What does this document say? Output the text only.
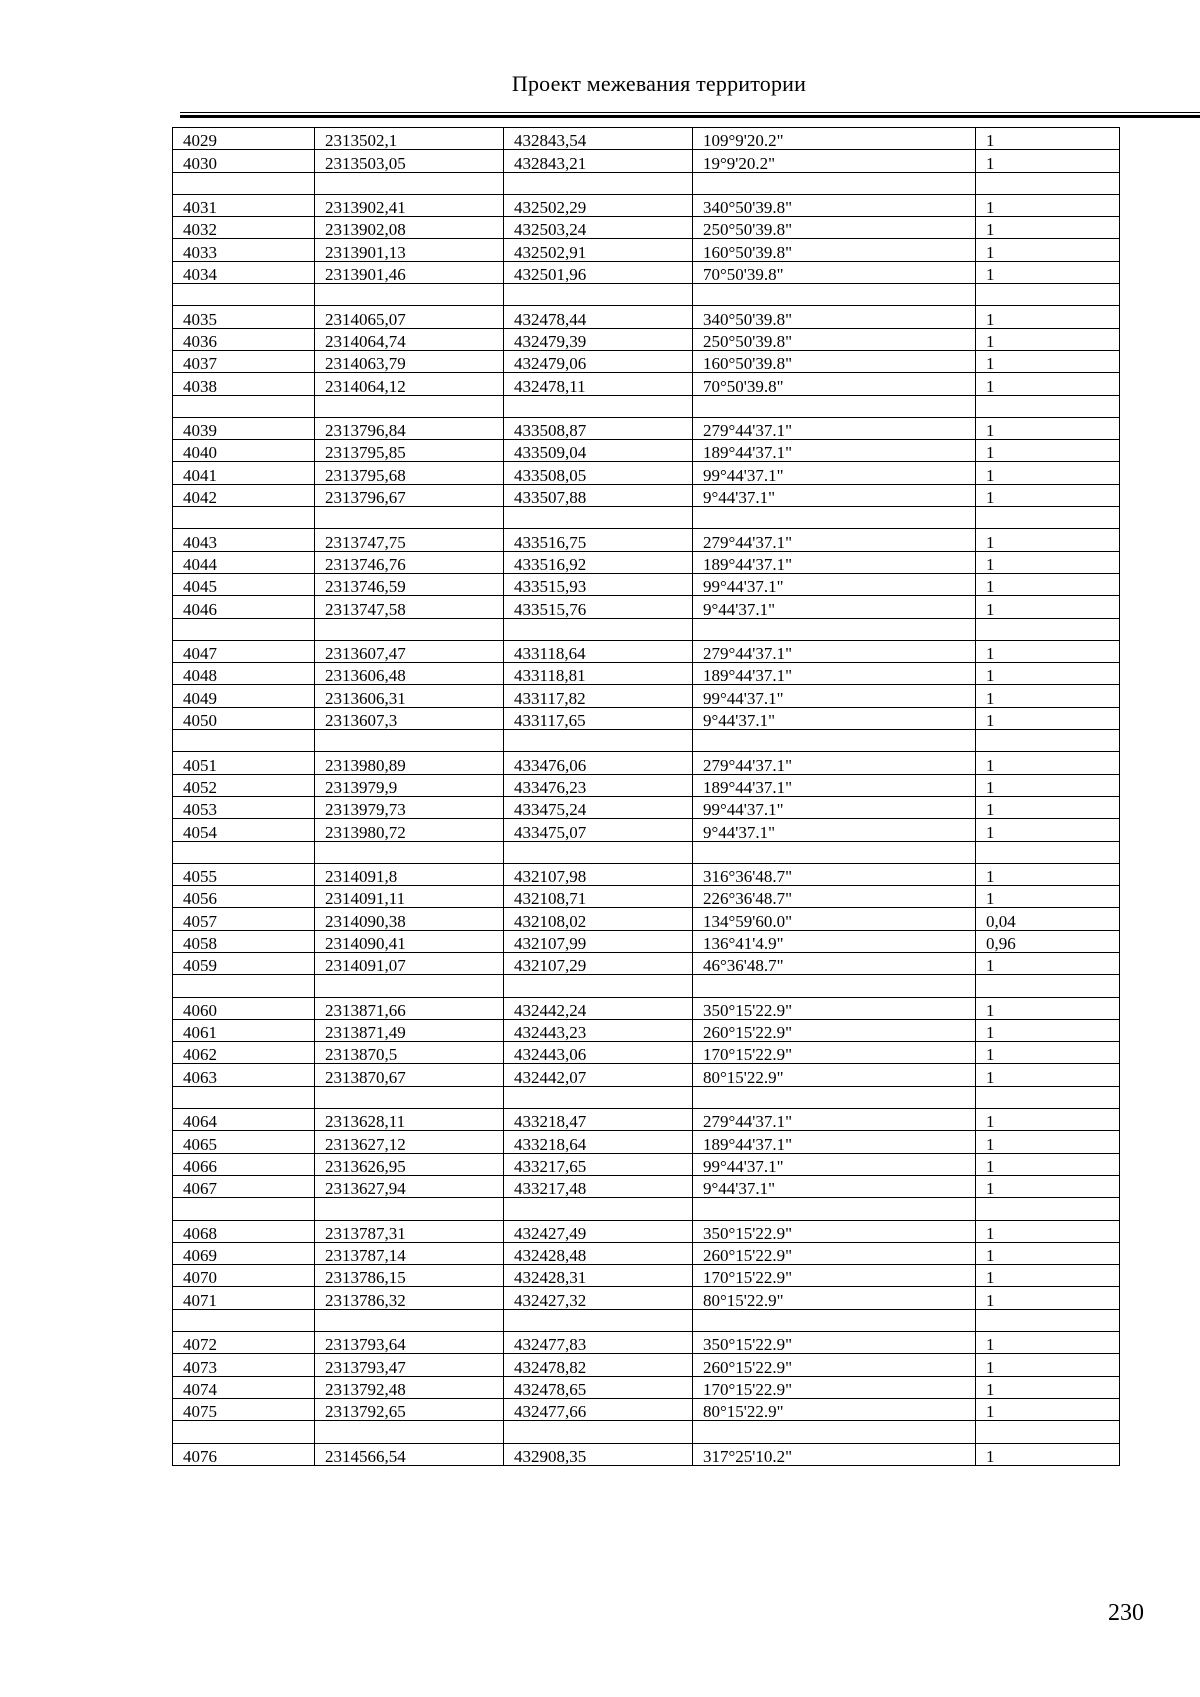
Проект межевания территории
4029	2313502,1	432843,54	109°9'20.2"	1
4030	2313503,05	432843,21	19°9'20.2"	1

4031	2313902,41	432502,29	340°50'39.8"	1
4032	2313902,08	432503,24	250°50'39.8"	1
4033	2313901,13	432502,91	160°50'39.8"	1
4034	2313901,46	432501,96	70°50'39.8"	1

4035	2314065,07	432478,44	340°50'39.8"	1
4036	2314064,74	432479,39	250°50'39.8"	1
4037	2314063,79	432479,06	160°50'39.8"	1
4038	2314064,12	432478,11	70°50'39.8"	1

4039	2313796,84	433508,87	279°44'37.1"	1
4040	2313795,85	433509,04	189°44'37.1"	1
4041	2313795,68	433508,05	99°44'37.1"	1
4042	2313796,67	433507,88	9°44'37.1"	1

4043	2313747,75	433516,75	279°44'37.1"	1
4044	2313746,76	433516,92	189°44'37.1"	1
4045	2313746,59	433515,93	99°44'37.1"	1
4046	2313747,58	433515,76	9°44'37.1"	1

4047	2313607,47	433118,64	279°44'37.1"	1
4048	2313606,48	433118,81	189°44'37.1"	1
4049	2313606,31	433117,82	99°44'37.1"	1
4050	2313607,3	433117,65	9°44'37.1"	1

4051	2313980,89	433476,06	279°44'37.1"	1
4052	2313979,9	433476,23	189°44'37.1"	1
4053	2313979,73	433475,24	99°44'37.1"	1
4054	2313980,72	433475,07	9°44'37.1"	1

4055	2314091,8	432107,98	316°36'48.7"	1
4056	2314091,11	432108,71	226°36'48.7"	1
4057	2314090,38	432108,02	134°59'60.0"	0,04
4058	2314090,41	432107,99	136°41'4.9"	0,96
4059	2314091,07	432107,29	46°36'48.7"	1

4060	2313871,66	432442,24	350°15'22.9"	1
4061	2313871,49	432443,23	260°15'22.9"	1
4062	2313870,5	432443,06	170°15'22.9"	1
4063	2313870,67	432442,07	80°15'22.9"	1

4064	2313628,11	433218,47	279°44'37.1"	1
4065	2313627,12	433218,64	189°44'37.1"	1
4066	2313626,95	433217,65	99°44'37.1"	1
4067	2313627,94	433217,48	9°44'37.1"	1

4068	2313787,31	432427,49	350°15'22.9"	1
4069	2313787,14	432428,48	260°15'22.9"	1
4070	2313786,15	432428,31	170°15'22.9"	1
4071	2313786,32	432427,32	80°15'22.9"	1

4072	2313793,64	432477,83	350°15'22.9"	1
4073	2313793,47	432478,82	260°15'22.9"	1
4074	2313792,48	432478,65	170°15'22.9"	1
4075	2313792,65	432477,66	80°15'22.9"	1

4076	2314566,54	432908,35	317°25'10.2"	1
230
